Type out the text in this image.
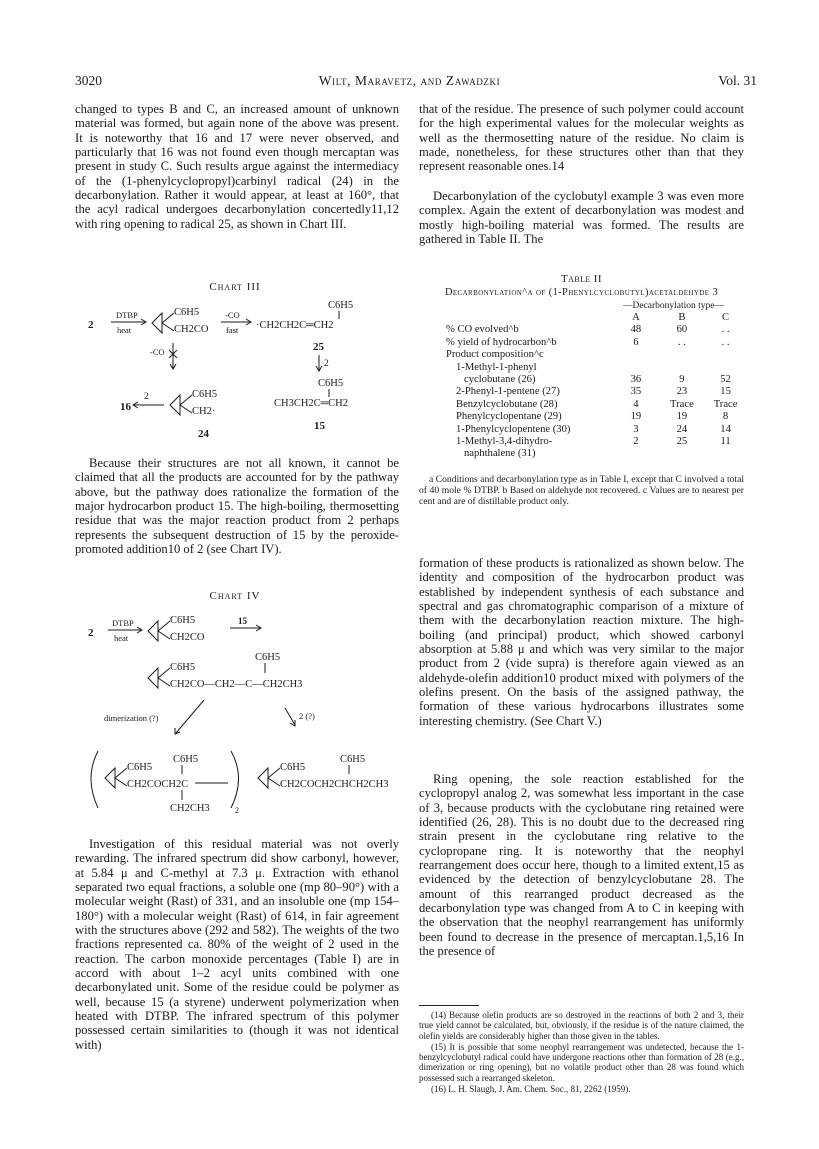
3020	Wilt, Maravetz, and Zawadzki	Vol. 31

changed to types B and C, an increased amount of unknown material was formed, but again none of the above was present. It is noteworthy that 16 and 17 were never observed, and particularly that 16 was not found even though mercaptan was present in study C. Such results argue against the intermediacy of the (1-phenylcyclopropyl)carbinyl radical (24) in the decarbonylation. Rather it would appear, at least at 160°, that the acyl radical undergoes decarbonylation concertedly11,12 with ring opening to radical 25, as shown in Chart III.

Chart III
2
DTBP
heat
C6H5
CH2CO
-CO
fast
C6H5
·CH2CH2C═CH2
25
2
C6H5
CH3CH2C═CH2
15
-CO
16
2	C6H5
CH2·
24

Because their structures are not all known, it cannot be claimed that all the products are accounted for by the pathway above, but the pathway does rationalize the formation of the major hydrocarbon product 15. The high-boiling, thermosetting residue that was the major reaction product from 2 perhaps represents the subsequent destruction of 15 by the peroxide-promoted addition10 of 2 (see Chart IV).

Chart IV
2
DTBP
heat
C6H5
CH2CO
15
C6H5
C6H5
CH2CO—CH2—C—CH2CH3
dimerization (?)	2 (?)
C6H5
C6H5
CH2COCH2C
CH2CH3	2
C6H5
C6H5
CH2COCH2CHCH2CH3

Investigation of this residual material was not overly rewarding. The infrared spectrum did show carbonyl, however, at 5.84 μ and C-methyl at 7.3 μ. Extraction with ethanol separated two equal fractions, a soluble one (mp 80–90°) with a molecular weight (Rast) of 331, and an insoluble one (mp 154–180°) with a molecular weight (Rast) of 614, in fair agreement with the structures above (292 and 582). The weights of the two fractions represented ca. 80% of the weight of 2 used in the reaction. The carbon monoxide percentages (Table I) are in accord with about 1–2 acyl units combined with one decarbonylated unit. Some of the residue could be polymer as well, because 15 (a styrene) underwent polymerization when heated with DTBP. The infrared spectrum of this polymer possessed certain similarities to (though it was not identical with)

that of the residue. The presence of such polymer could account for the high experimental values for the molecular weights as well as the thermosetting nature of the residue. No claim is made, nonetheless, for these structures other than that they represent reasonable ones.14

Decarbonylation of the cyclobutyl example 3 was even more complex. Again the extent of decarbonylation was modest and mostly high-boiling material was formed. The results are gathered in Table II. The

Table II
Decarbonylation^a of (1-Phenylcyclobutyl)acetaldehyde 3
—Decarbonylation type—
	A	B	C
% CO evolved^b	48	60	. .
% yield of hydrocarbon^b	6	. .	. .
Product composition^c			
1-Methyl-1-phenyl			
cyclobutane (26)	36	9	52
2-Phenyl-1-pentene (27)	35	23	15
Benzylcyclobutane (28)	4	Trace	Trace
Phenylcyclopentane (29)	19	19	8
1-Phenylcyclopentene (30)	3	24	14
1-Methyl-3,4-dihydro-	2	25	11
naphthalene (31)			
a Conditions and decarbonylation type as in Table I, except that C involved a total of 40 mole % DTBP. b Based on aldehyde not recovered. c Values are to nearest per cent and are of distillable product only.

formation of these products is rationalized as shown below. The identity and composition of the hydrocarbon product was established by independent synthesis of each substance and spectral and gas chromatographic comparison of a mixture of them with the decarbonylation reaction mixture. The high-boiling (and principal) product, which showed carbonyl absorption at 5.88 μ and which was very similar to the major product from 2 (vide supra) is therefore again viewed as an aldehyde-olefin addition10 product mixed with polymers of the olefins present. On the basis of the assigned pathway, the formation of these various hydrocarbons illustrates some interesting chemistry. (See Chart V.)

Ring opening, the sole reaction established for the cyclopropyl analog 2, was somewhat less important in the case of 3, because products with the cyclobutane ring retained were identified (26, 28). This is no doubt due to the decreased ring strain present in the cyclobutane ring relative to the cyclopropane ring. It is noteworthy that the neophyl rearrangement does occur here, though to a limited extent,15 as evidenced by the detection of benzylcyclobutane 28. The amount of this rearranged product decreased as the decarbonylation type was changed from A to C in keeping with the observation that the neophyl rearrangement has uniformly been found to decrease in the presence of mercaptan.1,5,16 In the presence of

(14) Because olefin products are so destroyed in the reactions of both 2 and 3, their true yield cannot be calculated, but, obviously, if the residue is of the nature claimed, the olefin yields are considerably higher than those given in the tables.
(15) It is possible that some neophyl rearrangement was undetected, because the 1-benzylcyclobutyl radical could have undergone reactions other than formation of 28 (e.g., dimerization or ring opening), but no volatile product other than 28 was found which possessed such a rearranged skeleton.
(16) L. H. Slaugh, J. Am. Chem. Soc., 81, 2262 (1959).
